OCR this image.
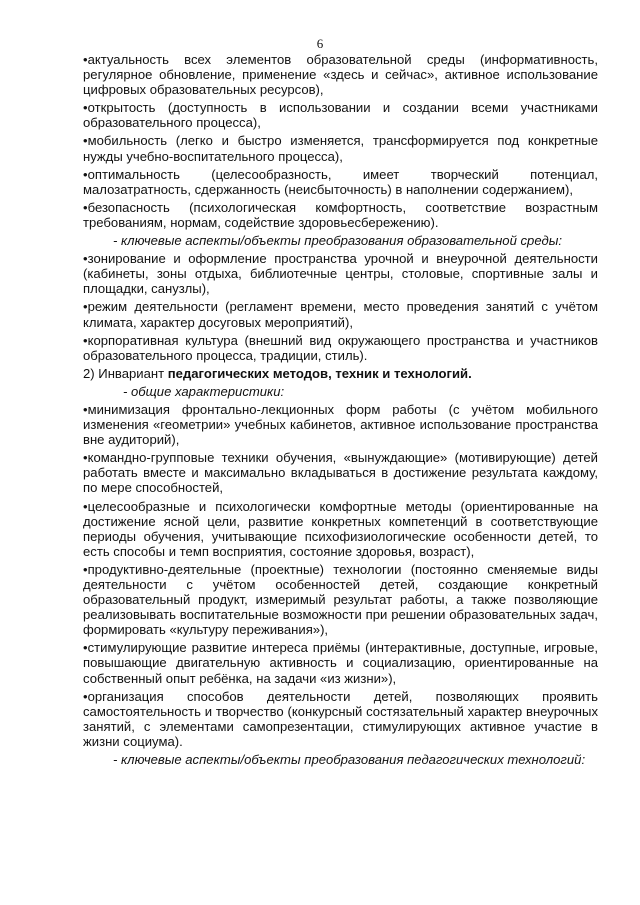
6

• актуальность всех элементов образовательной среды (информативность, регулярное обновление, применение «здесь и сейчас», активное использование цифровых образовательных ресурсов),

• открытость (доступность в использовании и создании всеми участниками образовательного процесса),

• мобильность (легко и быстро изменяется, трансформируется под конкретные нужды учебно-воспитательного процесса),

• оптимальность (целесообразность, имеет творческий потенциал, малозатратность, сдержанность (неисбыточность) в наполнении содержанием),

• безопасность (психологическая комфортность, соответствие возрастным требованиям, нормам, содействие здоровьесбережению).

- ключевые аспекты/объекты преобразования образовательной среды:

• зонирование и оформление пространства урочной и внеурочной деятельности (кабинеты, зоны отдыха, библиотечные центры, столовые, спортивные залы и площадки, санузлы),

• режим деятельности (регламент времени, место проведения занятий с учётом климата, характер досуговых мероприятий),

• корпоративная культура (внешний вид окружающего пространства и участников образовательного процесса, традиции, стиль).

2) Инвариант педагогических методов, техник и технологий.

- общие характеристики:

• минимизация фронтально-лекционных форм работы (с учётом мобильного изменения «геометрии» учебных кабинетов, активное использование пространства вне аудиторий),

• командно-групповые техники обучения, «вынуждающие» (мотивирующие) детей работать вместе и максимально вкладываться в достижение результата каждому, по мере способностей,

• целесообразные и психологически комфортные методы (ориентированные на достижение ясной цели, развитие конкретных компетенций в соответствующие периоды обучения, учитывающие психофизиологические особенности детей, то есть способы и темп восприятия, состояние здоровья, возраст),

• продуктивно-деятельные (проектные) технологии (постоянно сменяемые виды деятельности с учётом особенностей детей, создающие конкретный образовательный продукт, измеримый результат работы, а также позволяющие реализовывать воспитательные возможности при решении образовательных задач, формировать «культуру переживания»),

• стимулирующие развитие интереса приёмы (интерактивные, доступные, игровые, повышающие двигательную активность и социализацию, ориентированные на собственный опыт ребёнка, на задачи «из жизни»),

• организация способов деятельности детей, позволяющих проявить самостоятельность и творчество (конкурсный состязательный характер внеурочных занятий, с элементами самопрезентации, стимулирующих активное участие в жизни социума).

- ключевые аспекты/объекты преобразования педагогических технологий:
